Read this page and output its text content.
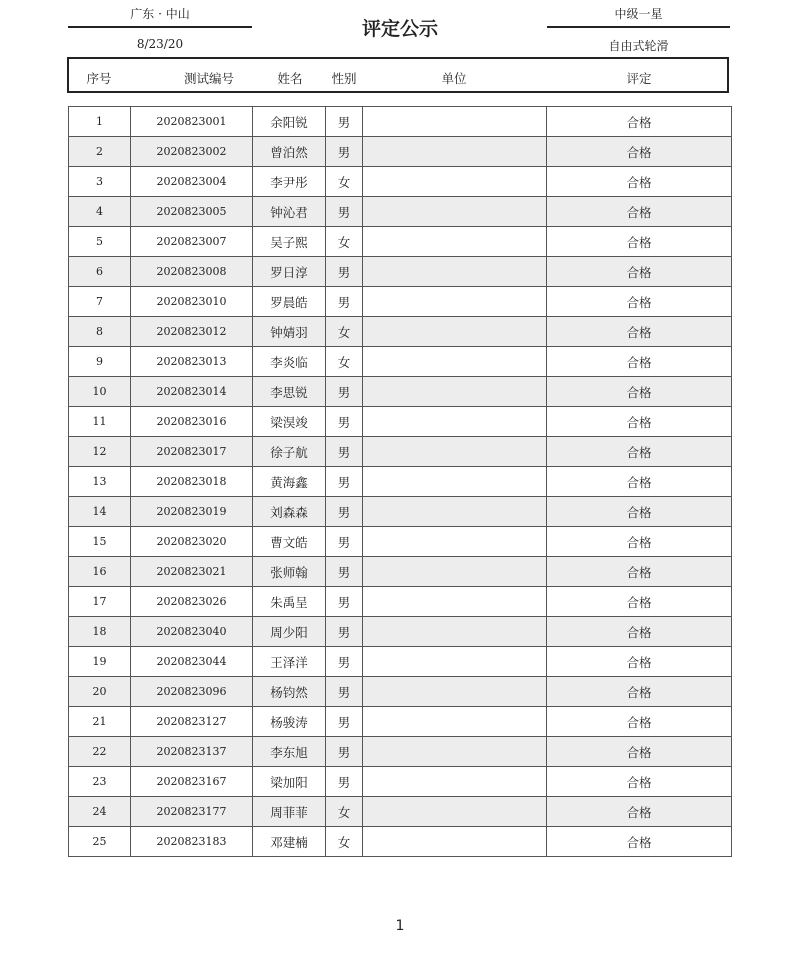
广东 · 中山
8/23/20
评定公示
中级一星
自由式轮滑
序号	测试编号	姓名	性别	单位	评定
1	2020823001	余阳锐	男		合格
2	2020823002	曾泊然	男		合格
3	2020823004	李尹彤	女		合格
4	2020823005	钟沁君	男		合格
5	2020823007	吴子熙	女		合格
6	2020823008	罗日淳	男		合格
7	2020823010	罗晨皓	男		合格
8	2020823012	钟婧羽	女		合格
9	2020823013	李炎临	女		合格
10	2020823014	李思锐	男		合格
11	2020823016	梁淏竣	男		合格
12	2020823017	徐子航	男		合格
13	2020823018	黄海鑫	男		合格
14	2020823019	刘森森	男		合格
15	2020823020	曹文皓	男		合格
16	2020823021	张师翰	男		合格
17	2020823026	朱禹呈	男		合格
18	2020823040	周少阳	男		合格
19	2020823044	王泽洋	男		合格
20	2020823096	杨钧然	男		合格
21	2020823127	杨骏涛	男		合格
22	2020823137	李东旭	男		合格
23	2020823167	梁加阳	男		合格
24	2020823177	周菲菲	女		合格
25	2020823183	邓建楠	女		合格
1
